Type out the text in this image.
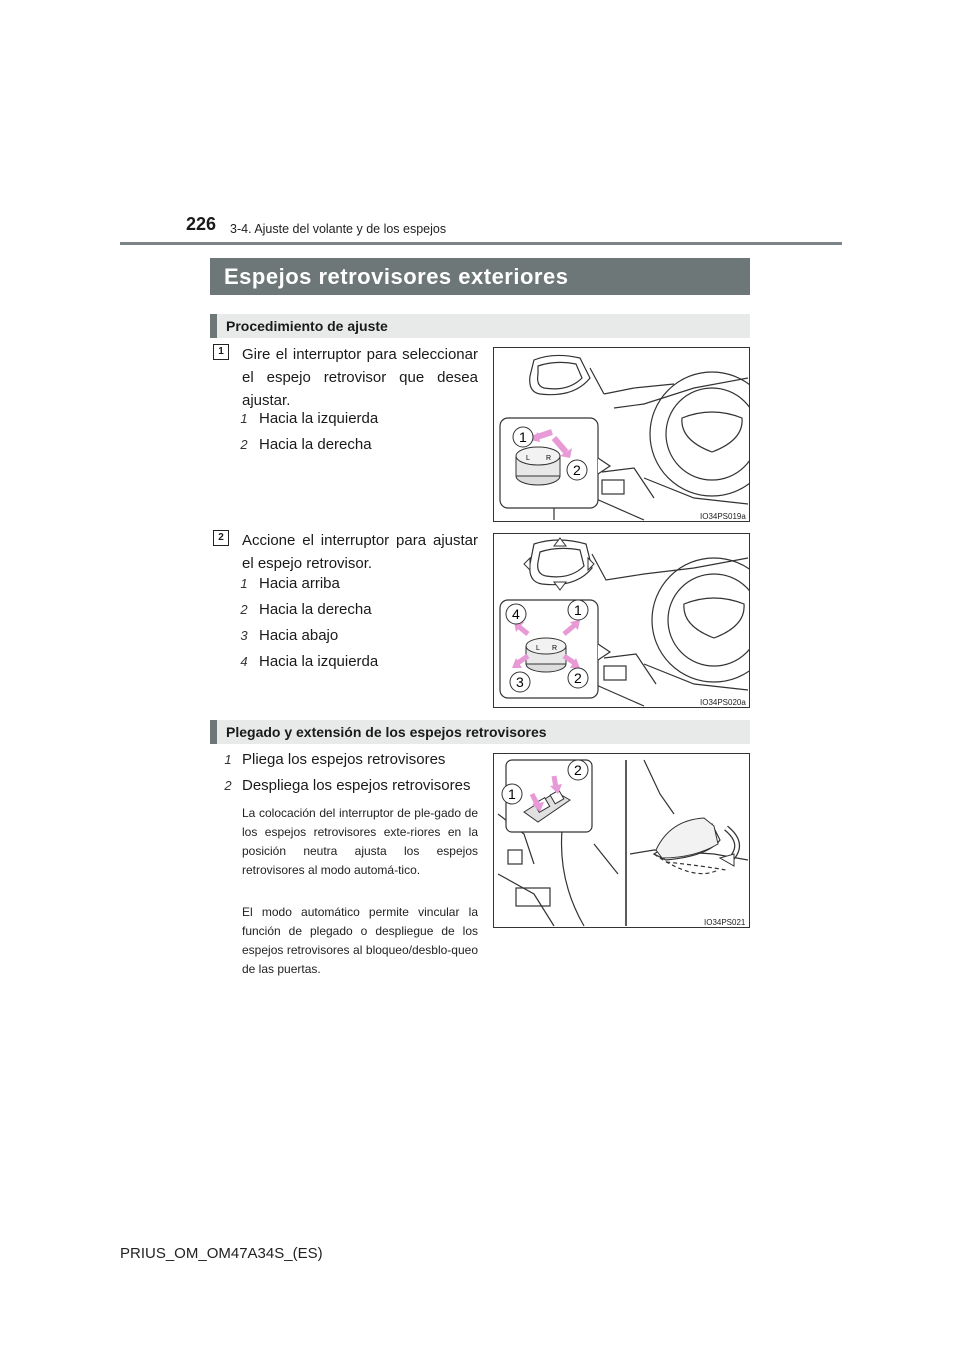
226 3-4. Ajuste del volante y de los espejos
Espejos retrovisores exteriores
Procedimiento de ajuste
1	Gire el interruptor para seleccionar el espejo retrovisor que desea ajustar.
1 Hacia la izquierda
2 Hacia la derecha
L R
1
2
IO34PS019a
2	Accione el interruptor para ajustar el espejo retrovisor.
1 Hacia arriba
2 Hacia la derecha
3 Hacia abajo
4 Hacia la izquierda
L R
4	1
3	2
IO34PS020a
Plegado y extensión de los espejos retrovisores
1 Pliega los espejos retrovisores
2 Despliega los espejos retrovisores
La colocación del interruptor de ple-gado de los espejos retrovisores exte-riores en la posición neutra ajusta los espejos retrovisores al modo automá-tico.
El modo automático permite vincular la función de plegado o despliegue de los espejos retrovisores al bloqueo/desblo-queo de las puertas.
2
1
IO34PS021
PRIUS_OM_OM47A34S_(ES)
